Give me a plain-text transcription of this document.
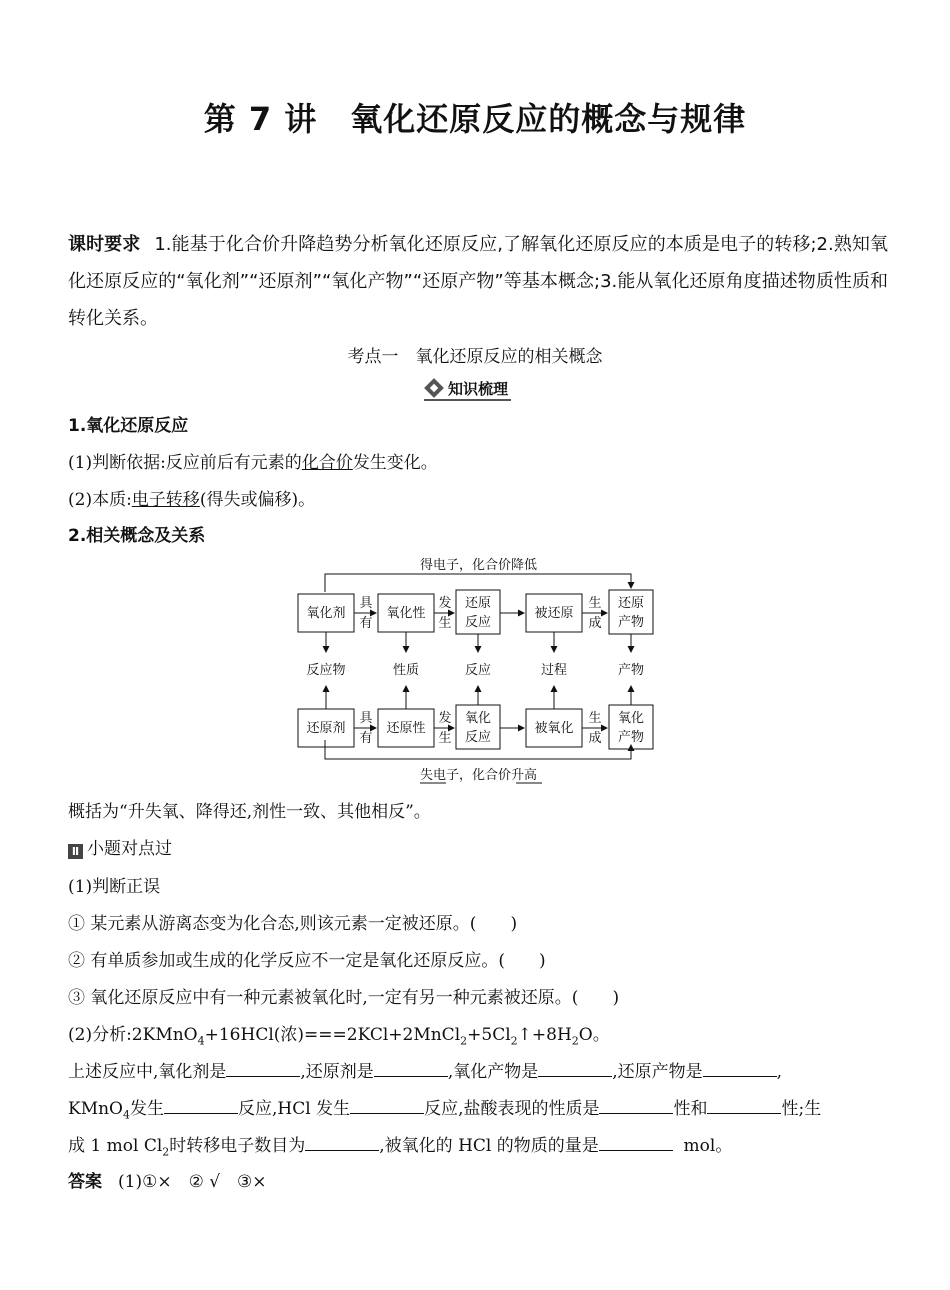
第 7 讲　氧化还原反应的概念与规律
课时要求 1.能基于化合价升降趋势分析氧化还原反应,了解氧化还原反应的本质是电子的转移;2.熟知氧化还原反应的“氧化剂”“还原剂”“氧化产物”“还原产物”等基本概念;3.能从氧化还原角度描述物质性质和转化关系。
考点一　氧化还原反应的相关概念
知识梳理
1.氧化还原反应
(1)判断依据:反应前后有元素的化合价发生变化。
(2)本质:电子转移(得失或偏移)。
2.相关概念及关系
得电子，化合价降低
失电子，化合价升高
氧化剂	氧化性
还原
反应
被还原
还原
产物
还原剂	还原性
氧化
反应
被氧化
氧化
产物
反应物	性质	反应	过程	产物
具
有
发
生
生
成
具
有
发
生
生
成
概括为“升失氧、降得还,剂性一致、其他相反”。
Ⅱ 小题对点过
(1)判断正误
① 某元素从游离态变为化合态,则该元素一定被还原。(　　)
② 有单质参加或生成的化学反应不一定是氧化还原反应。(　　)
③ 氧化还原反应中有一种元素被氧化时,一定有另一种元素被还原。(　　)
(2)分析:2KMnO$_4$+16HCl(浓)$===2KCl+2MnCl_2+5Cl_2↑+8H_2O$。
上述反应中,氧化剂是	,还原剂是	,氧化产物是	,还原产物是	,
KMnO$_4$发生	反应,HCl 发生	反应,盐酸表现的性质是	性和	性;生
成 1 mol $Cl_2$时转移电子数目为	,被氧化的 HCl 的物质的量是	mol。
答案 (1)①×　② √　③×
